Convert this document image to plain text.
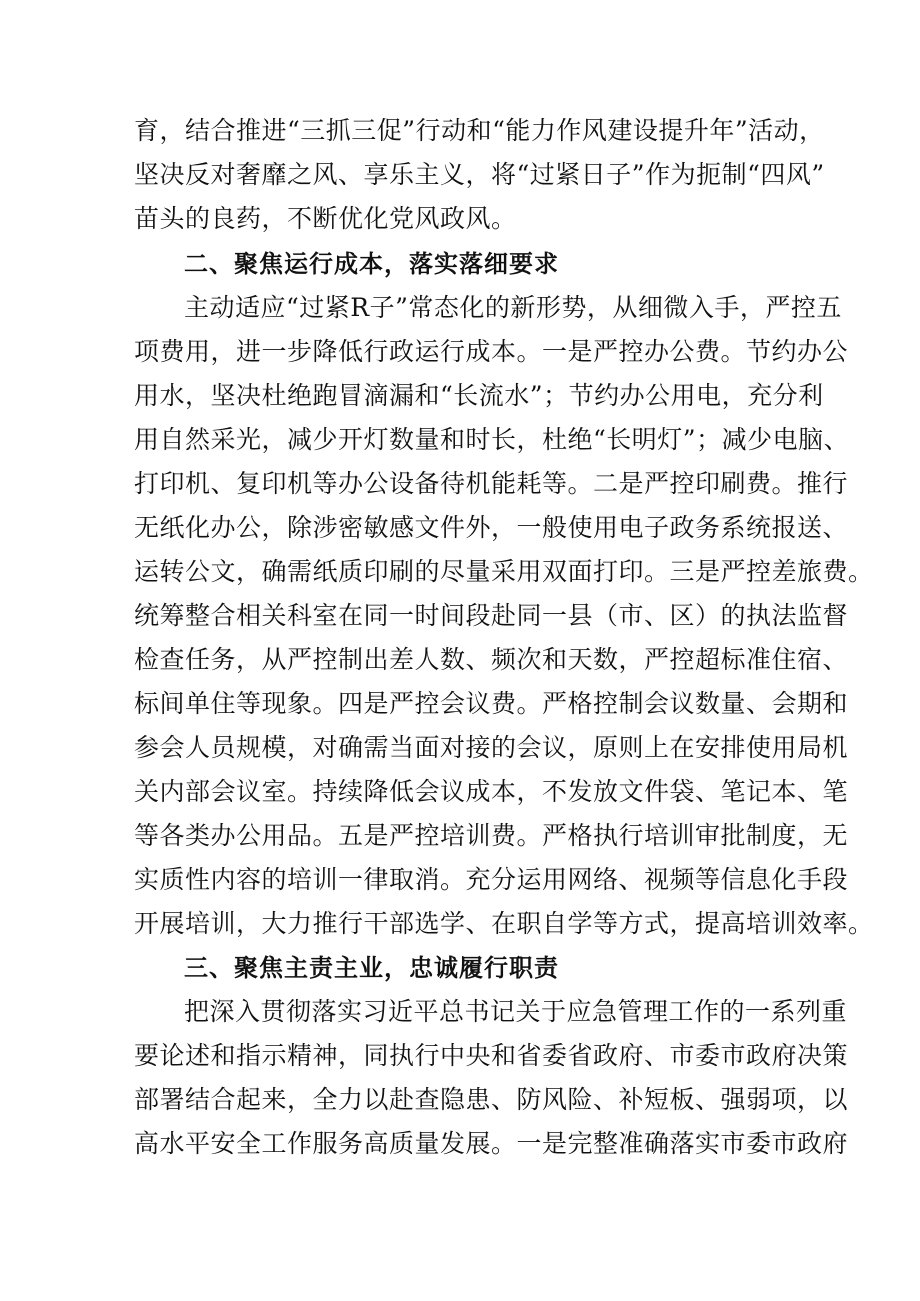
育，结合推进“三抓三促”行动和“能力作风建设提升年”活动，
坚决反对奢靡之风、享乐主义，将“过紧日子”作为扼制“四风”
苗头的良药，不断优化党风政风。
二、聚焦运行成本，落实落细要求
主动适应“过紧R子”常态化的新形势，从细微入手，严控五
项费用，进一步降低行政运行成本。一是严控办公费。节约办公
用水，坚决杜绝跑冒滴漏和“长流水”；节约办公用电，充分利
用自然采光，减少开灯数量和时长，杜绝“长明灯”；减少电脑、
打印机、复印机等办公设备待机能耗等。二是严控印刷费。推行
无纸化办公，除涉密敏感文件外，一般使用电子政务系统报送、
运转公文，确需纸质印刷的尽量采用双面打印。三是严控差旅费。
统筹整合相关科室在同一时间段赴同一县（市、区）的执法监督
检查任务，从严控制出差人数、频次和天数，严控超标准住宿、
标间单住等现象。四是严控会议费。严格控制会议数量、会期和
参会人员规模，对确需当面对接的会议，原则上在安排使用局机
关内部会议室。持续降低会议成本，不发放文件袋、笔记本、笔
等各类办公用品。五是严控培训费。严格执行培训审批制度，无
实质性内容的培训一律取消。充分运用网络、视频等信息化手段
开展培训，大力推行干部选学、在职自学等方式，提高培训效率。
三、聚焦主责主业，忠诚履行职责
把深入贯彻落实习近平总书记关于应急管理工作的一系列重
要论述和指示精神，同执行中央和省委省政府、市委市政府决策
部署结合起来，全力以赴查隐患、防风险、补短板、强弱项，以
高水平安全工作服务高质量发展。一是完整准确落实市委市政府
